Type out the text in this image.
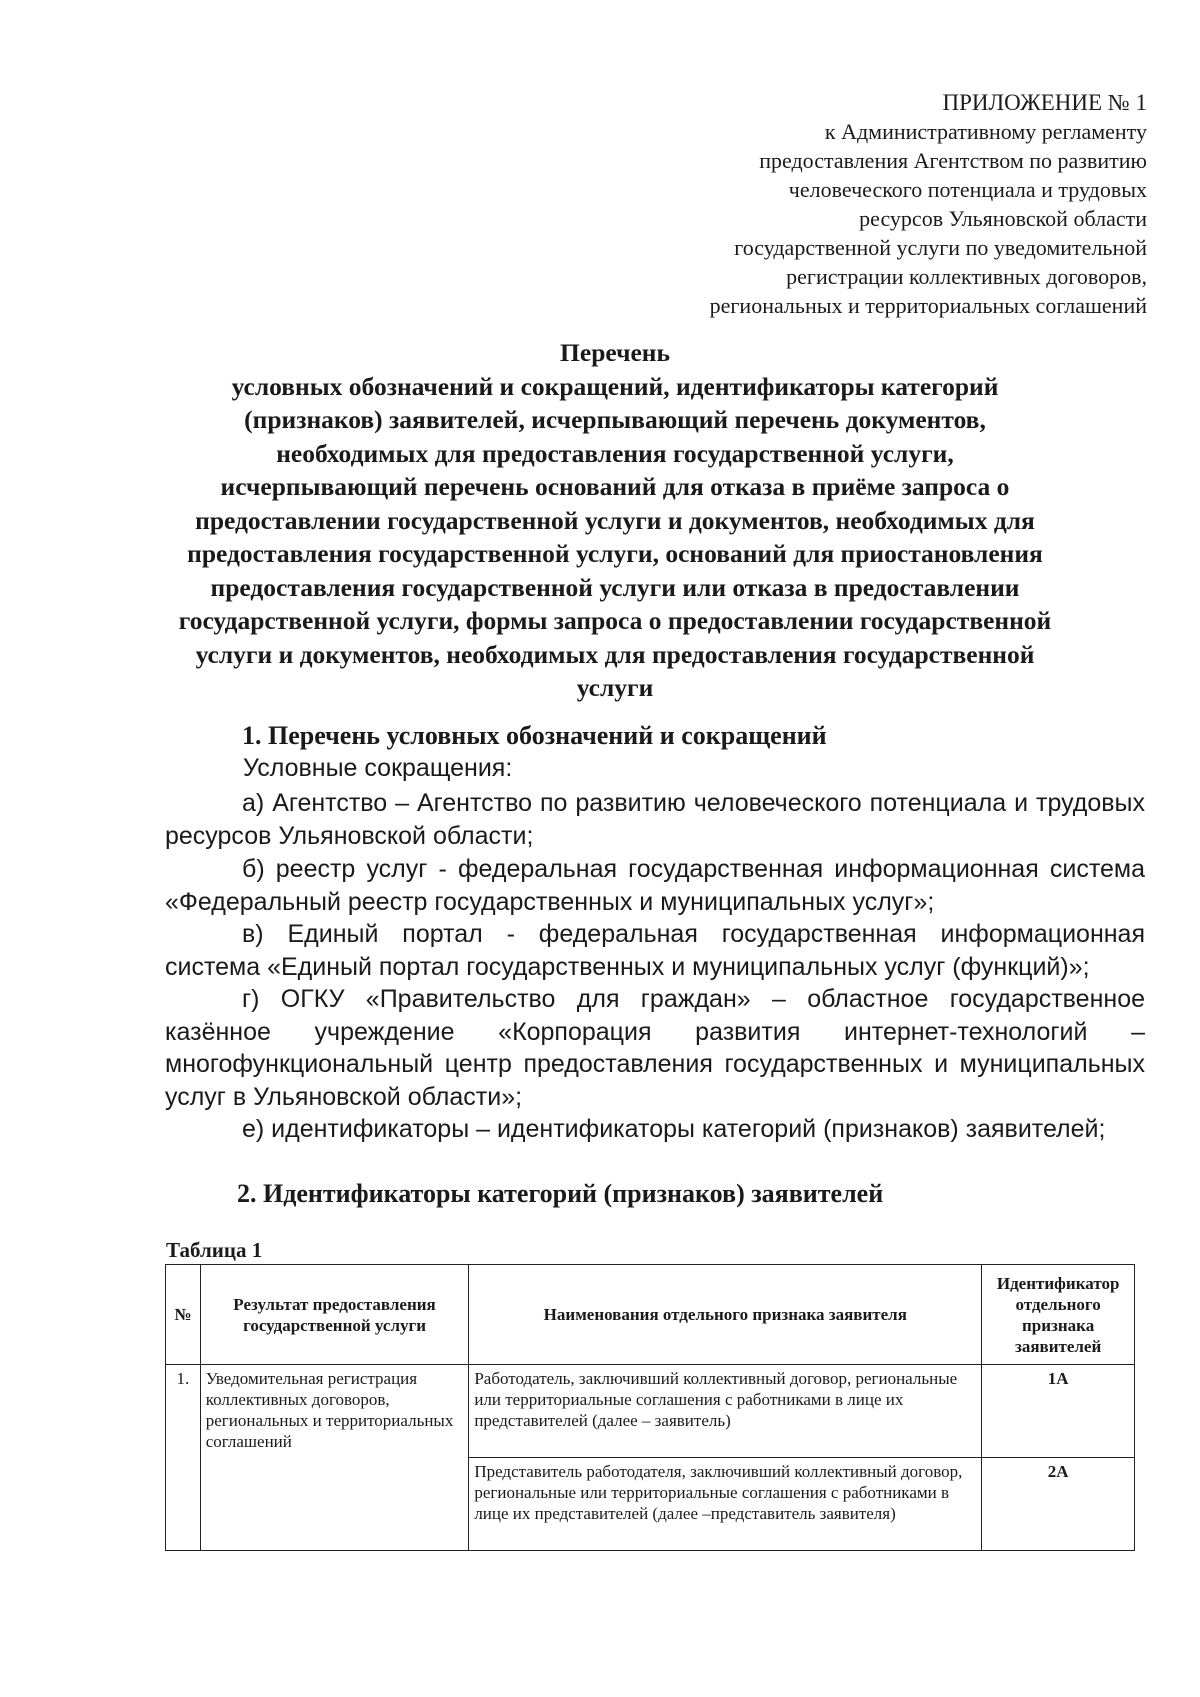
ПРИЛОЖЕНИЕ № 1
к Административному регламенту
предоставления Агентством по развитию
человеческого потенциала и трудовых
ресурсов Ульяновской области
государственной услуги по уведомительной
регистрации коллективных договоров,
региональных и территориальных соглашений
Перечень
условных обозначений и сокращений, идентификаторы категорий
(признаков) заявителей, исчерпывающий перечень документов,
необходимых для предоставления государственной услуги,
исчерпывающий перечень оснований для отказа в приёме запроса о
предоставлении государственной услуги и документов, необходимых для
предоставления государственной услуги, оснований для приостановления
предоставления государственной услуги или отказа в предоставлении
государственной услуги, формы запроса о предоставлении государственной
услуги и документов, необходимых для предоставления государственной
услуги
1. Перечень условных обозначений и сокращений
Условные сокращения:
а) Агентство – Агентство по развитию человеческого потенциала и трудовых ресурсов Ульяновской области;
б) реестр услуг - федеральная государственная информационная система «Федеральный реестр государственных и муниципальных услуг»;
в) Единый портал - федеральная государственная информационная система «Единый портал государственных и муниципальных услуг (функций)»;
г) ОГКУ «Правительство для граждан» – областное государственное казённое учреждение «Корпорация развития интернет-технологий – многофункциональный центр предоставления государственных и муниципальных услуг в Ульяновской области»;
е) идентификаторы – идентификаторы категорий (признаков) заявителей;
2. Идентификаторы категорий (признаков) заявителей
Таблица 1
№	Результат предоставления государственной услуги	Наименования отдельного признака заявителя	Идентификатор отдельного признака заявителей
1.	Уведомительная регистрация коллективных договоров, региональных и территориальных соглашений	Работодатель, заключивший коллективный договор, региональные или территориальные соглашения с работниками в лице их представителей (далее – заявитель)	1А
		Представитель работодателя, заключивший коллективный договор, региональные или территориальные соглашения с работниками в лице их представителей (далее –представитель заявителя)	2А
